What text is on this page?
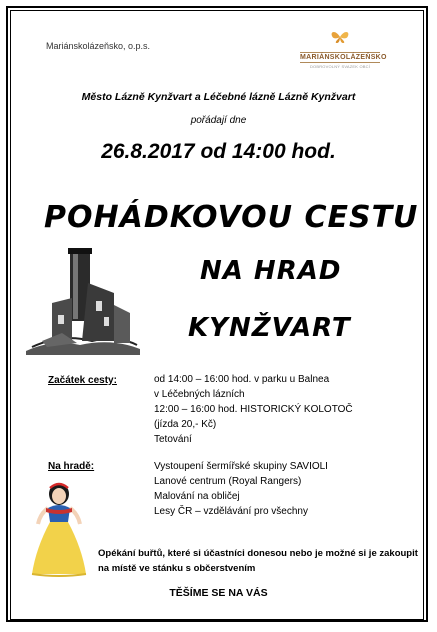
Mariánskolázeňsko, o.p.s.
MARIÁNSKOLÁZEŇSKO
DOBROVOLNÝ SVAZEK OBCÍ
Město Lázně Kynžvart a Léčebné lázně Lázně Kynžvart
pořádají dne
26.8.2017 od 14:00 hod.
POHÁDKOVOU CESTU
NA HRAD
KYNŽVART
Začátek cesty:	od 14:00 – 16:00 hod. v parku u Balnea
v Léčebných lázních
12:00 – 16:00 hod. HISTORICKÝ KOLOTOČ
(jízda 20,- Kč)
Tetování
Na hradě:	Vystoupení šermířské skupiny SAVIOLI
Lanové centrum (Royal Rangers)
Malování na obličej
Lesy ČR – vzdělávání pro všechny
Opékání buřtů, které si účastníci donesou nebo je možné si je zakoupit na místě ve stánku s občerstvením
TĚŠÍME SE NA VÁS
